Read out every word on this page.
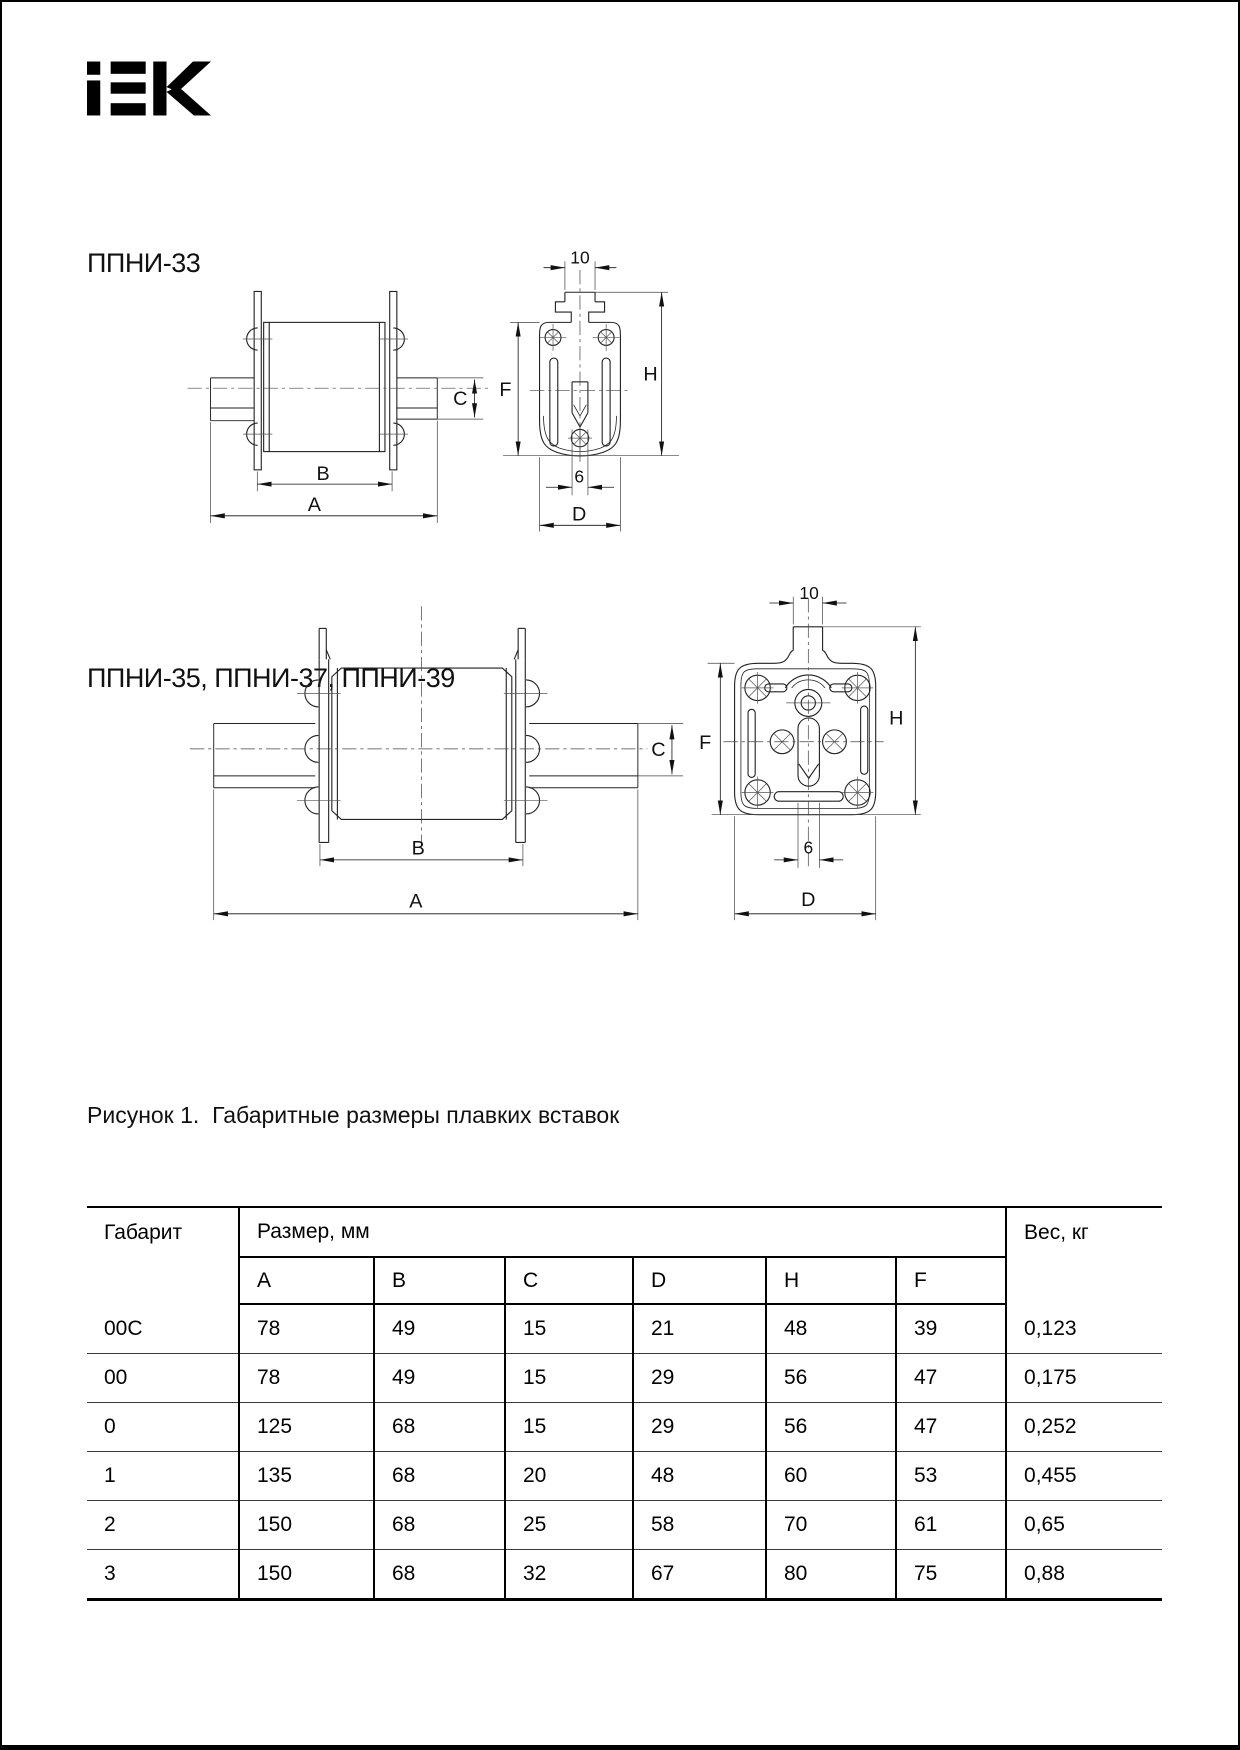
ППНИ-33
ППНИ-35, ППНИ-37, ППНИ-39
Рисунок 1.  Габаритные размеры плавких вставок
B
A
C
10
F
H
6
D
C
B
A
10
F
H
6
D
Габарит	Размер, мм						Вес, кг
	A	B	C	D	H	F	
00C	78	49	15	21	48	39	0,123
00	78	49	15	29	56	47	0,175
0	125	68	15	29	56	47	0,252
1	135	68	20	48	60	53	0,455
2	150	68	25	58	70	61	0,65
3	150	68	32	67	80	75	0,88
